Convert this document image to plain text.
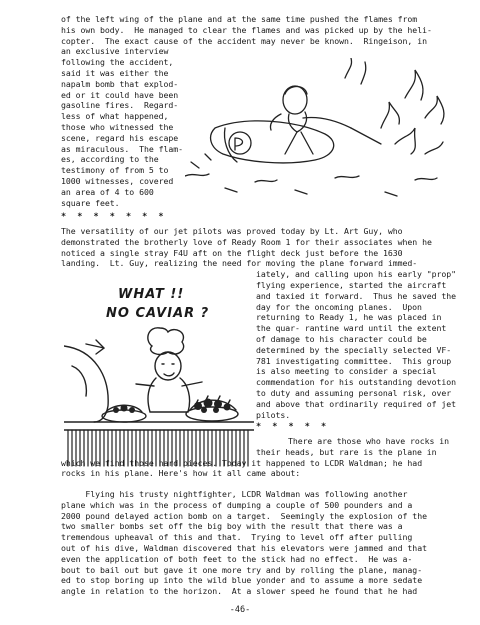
of the left wing of the plane and at the same time pushed the flames from
his own body.  He managed to clear the flames and was picked up by the heli-
copter.  The exact cause of the accident may never be known.  Ringeison, in
an exclusive interview
following the accident,
said it was either the
napalm bomb that explod-
ed or it could have been
gasoline fires.  Regard-
less of what happened,
those who witnessed the
scene, regard his escape
as miraculous.  The flam-
es, according to the
testimony of from 5 to
1000 witnesses, covered
an area of 4 to 600
square feet.
* * * * * * *
The versatility of our jet pilots was proved today by Lt. Art Guy, who
demonstrated the brotherly love of Ready Room 1 for their associates when he
noticed a single stray F4U aft on the flight deck just before the 1630
landing.  Lt. Guy, realizing the need for moving the plane forward immed-
iately, and calling upon his early "prop"
flying experience, started the aircraft
and taxied it forward.  Thus he saved the
day for the oncoming planes.  Upon
returning to Ready 1, he was placed in
the quar- rantine ward until the extent
of damage to his character could be
determined by the specially selected VF-
781 investigating committee.  This group
is also meeting to consider a special
commendation for his outstanding devotion
to duty and assuming personal risk, over
and above that ordinarily required of jet
pilots.
WHAT !!
NO CAVIAR ?
* * * * *
There are those who have rocks in
their heads, but rare is the plane in
which we find those hard pieces. Today it happened to LCDR Waldman; he had
rocks in his plane. Here's how it all came about:
Flying his trusty nightfighter, LCDR Waldman was following another
plane which was in the process of dumping a couple of 500 pounders and a
2000 pound delayed action bomb on a target.  Seemingly the explosion of the
two smaller bombs set off the big boy with the result that there was a
tremendous upheaval of this and that.  Trying to level off after pulling
out of his dive, Waldman discovered that his elevators were jammed and that
even the application of both feet to the stick had no effect.  He was a-
bout to bail out but gave it one more try and by rolling the plane, manag-
ed to stop boring up into the wild blue yonder and to assume a more sedate
angle in relation to the horizon.  At a slower speed he found that he had
-46-
